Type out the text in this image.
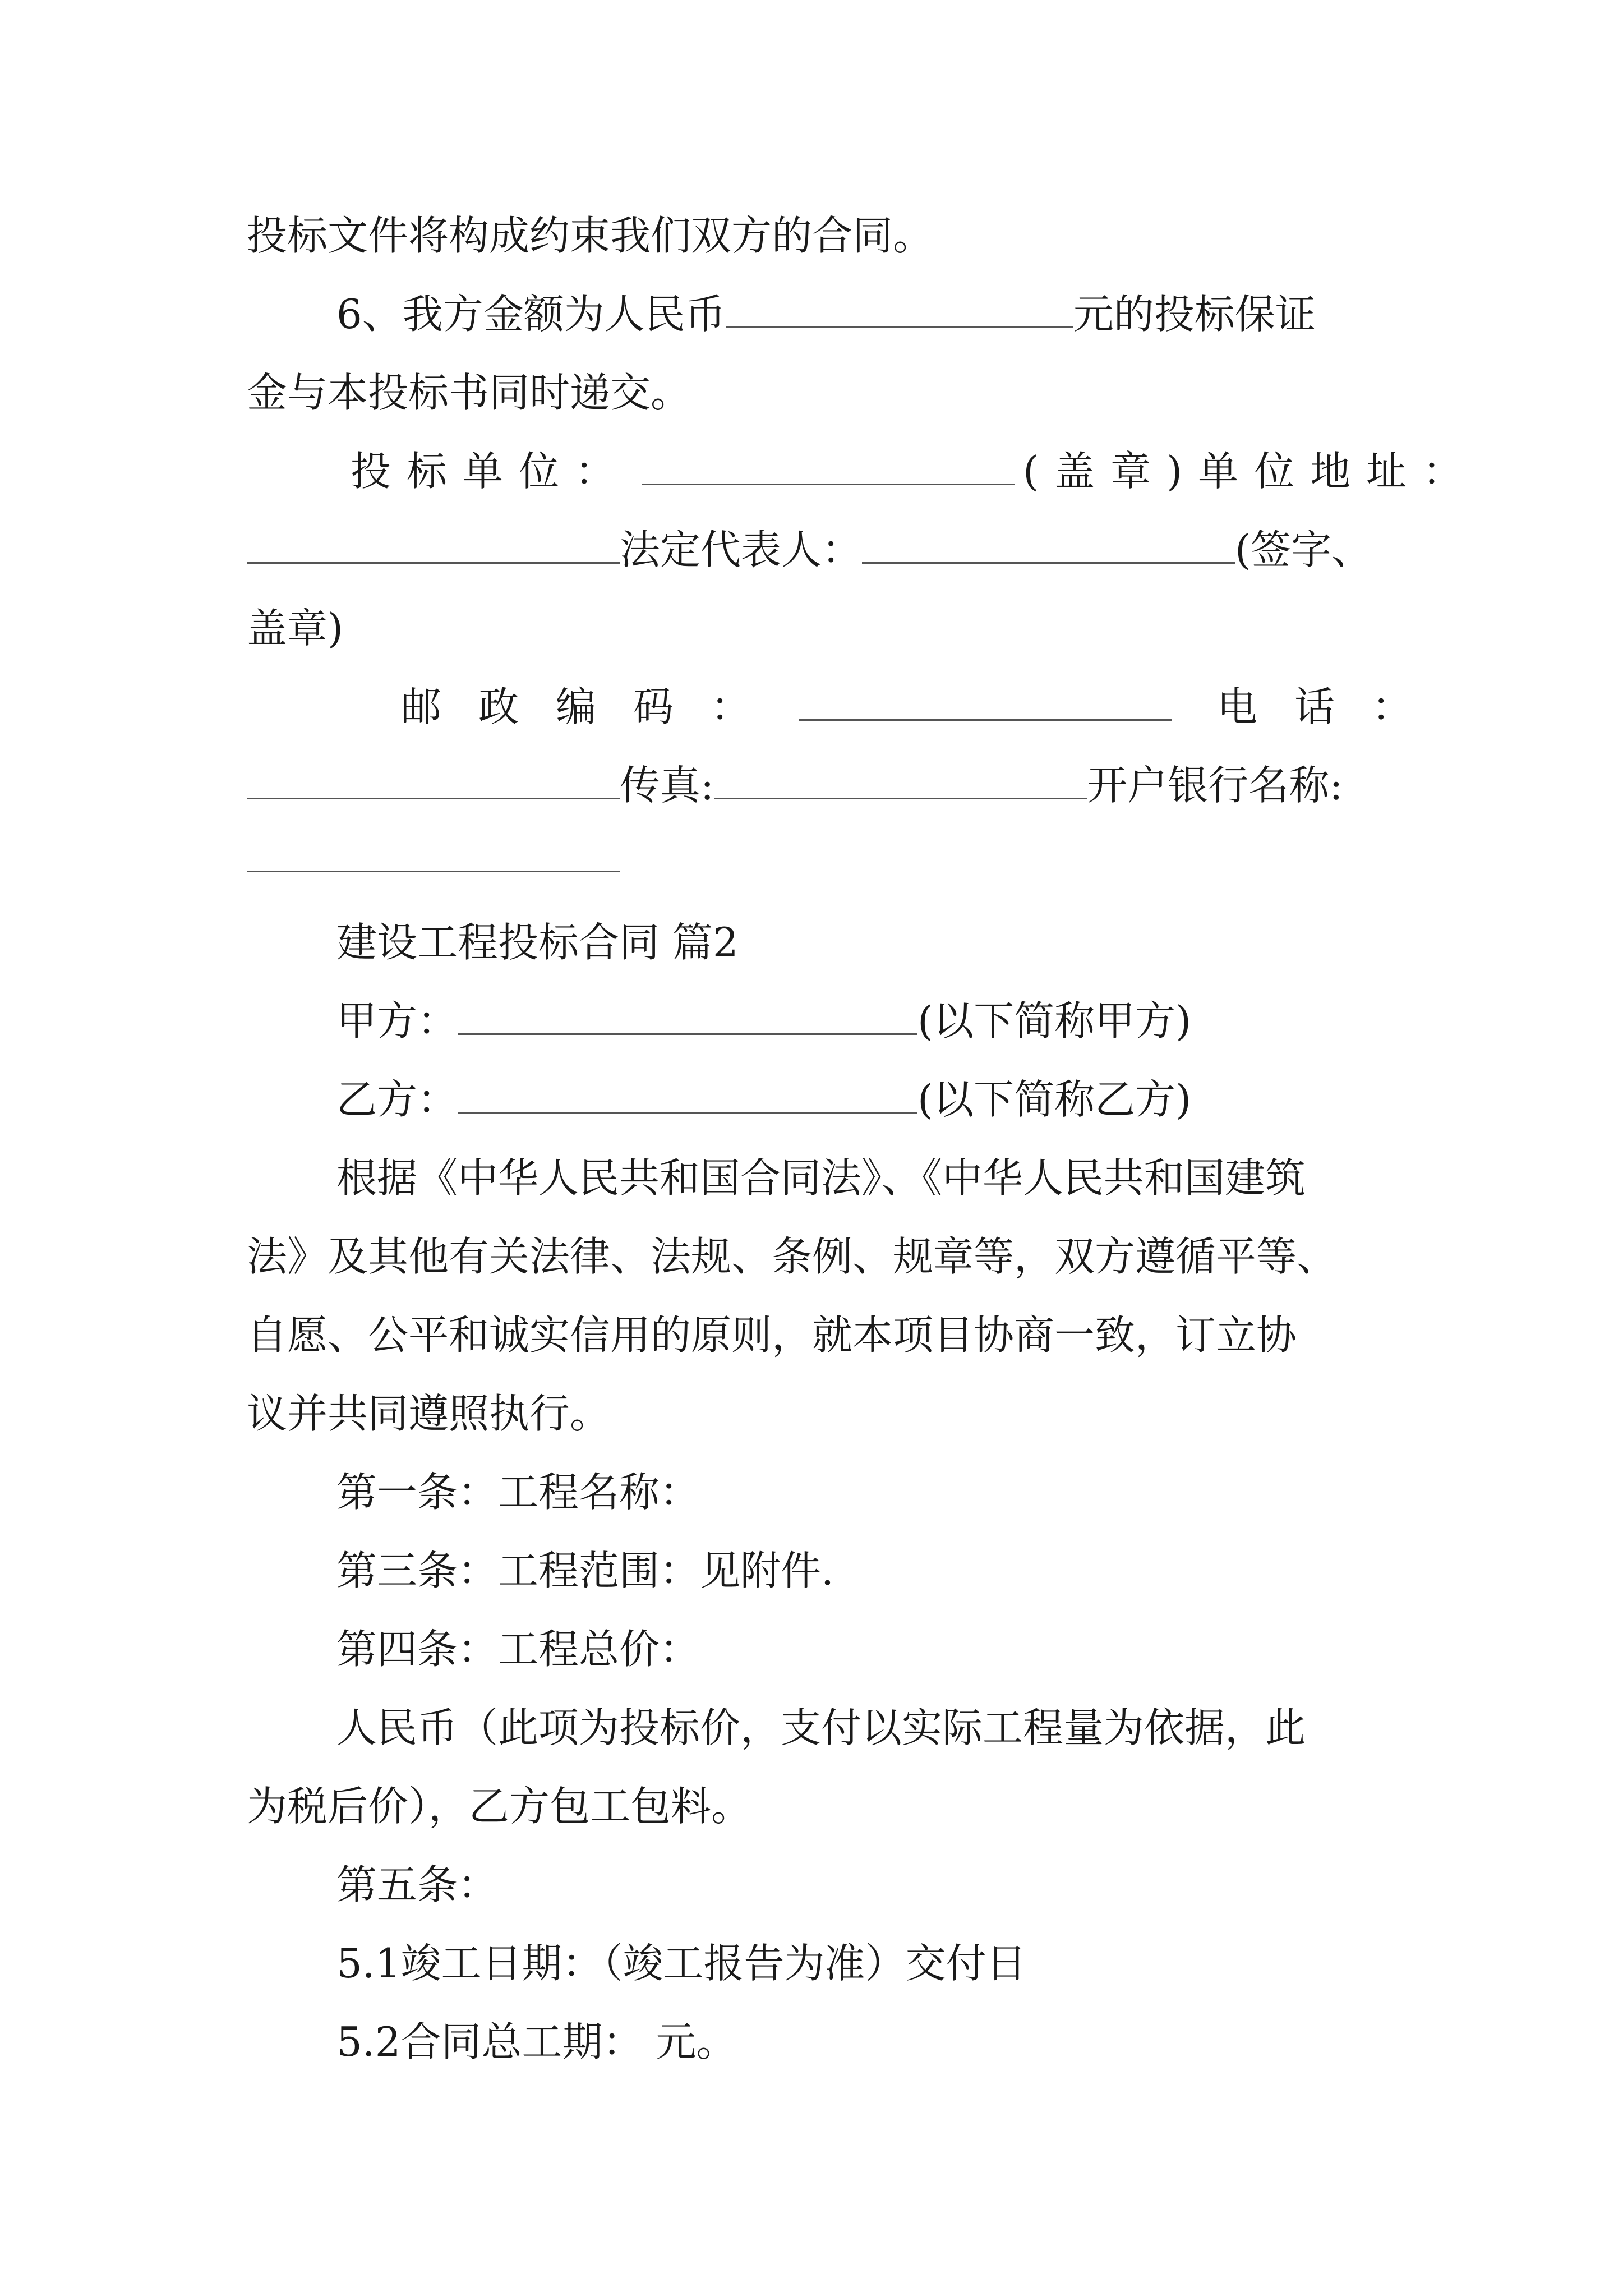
投标文件将构成约束我们双方的合同。
6、我方金额为人民币	元的投标保证
金与本投标书同时递交。
投标单位：	(盖章)单位地址：
法定代表人：	(签字、
盖章)
邮政编码：	电话：
传真:	开户银行名称:
建设工程投标合同 篇2
甲方：	(以下简称甲方)
乙方：	(以下简称乙方)
根据《中华人民共和国合同法》、《中华人民共和国建筑
法》及其他有关法律、法规、条例、规章等，双方遵循平等、
自愿、公平和诚实信用的原则，就本项目协商一致，订立协
议并共同遵照执行。
第一条：工程名称：
第三条：工程范围：见附件.
第四条：工程总价：
人民币（此项为投标价，支付以实际工程量为依据，此
为税后价），乙方包工包料。
第五条：
5.1竣工日期：（竣工报告为准）交付日
5.2合同总工期： 元。
